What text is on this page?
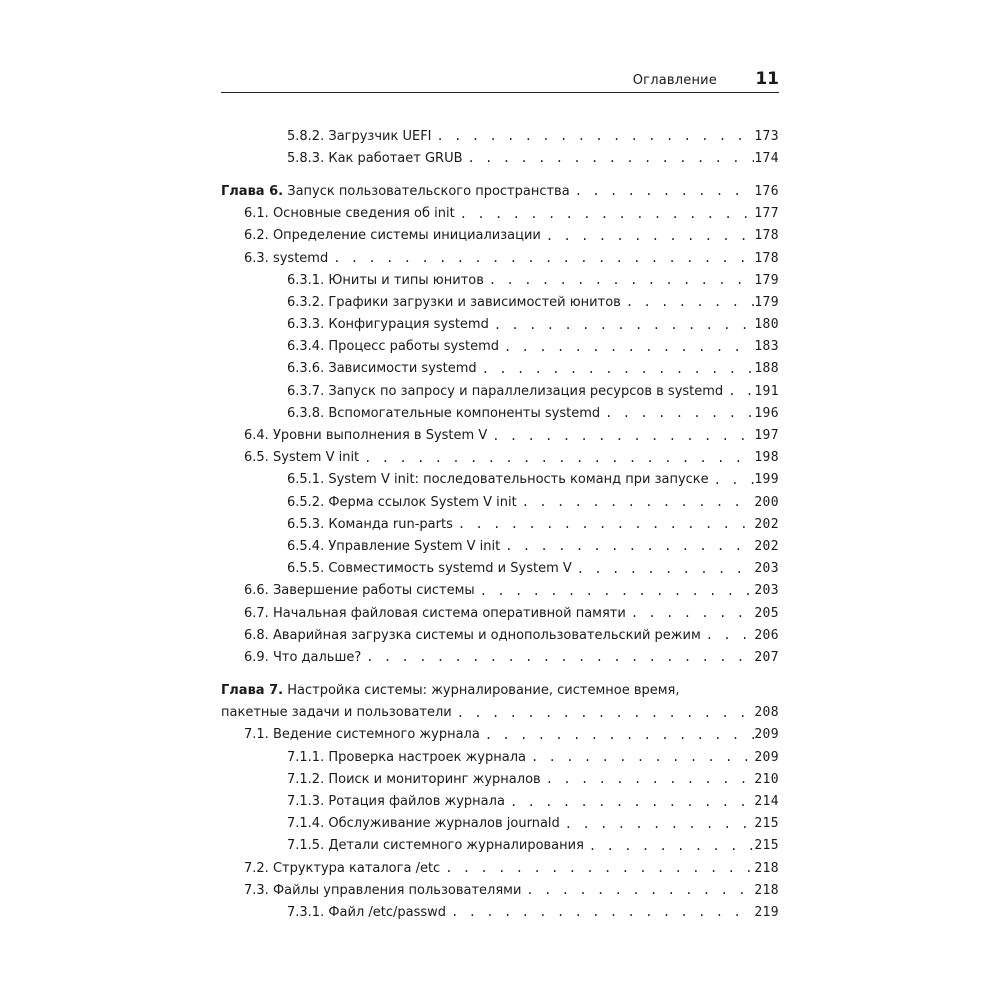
Оглавление 11
5.8.2. Загрузчик UEFI . . .	173
5.8.3. Как работает GRUB . . .	174
Глава 6. Запуск пользовательского пространства . . .	176
6.1. Основные сведения об init . . .	177
6.2. Определение системы инициализации . . .	178
6.3. systemd . . .	178
6.3.1. Юниты и типы юнитов . . .	179
6.3.2. Графики загрузки и зависимостей юнитов . . .	179
6.3.3. Конфигурация systemd . . .	180
6.3.4. Процесс работы systemd . . .	183
6.3.6. Зависимости systemd . . .	188
6.3.7. Запуск по запросу и параллелизация ресурсов в systemd . . . 191
6.3.8. Вспомогательные компоненты systemd . . .	196
6.4. Уровни выполнения в System V . . .	197
6.5. System V init . . .	198
6.5.1. System V init: последовательность команд при запуске . . .	199
6.5.2. Ферма ссылок System V init . . .	200
6.5.3. Команда run-parts . . .	202
6.5.4. Управление System V init . . .	202
6.5.5. Совместимость systemd и System V . . .	203
6.6. Завершение работы системы . . .	203
6.7. Начальная файловая система оперативной памяти . . .	205
6.8. Аварийная загрузка системы и однопользовательский режим . . .	206
6.9. Что дальше? . . .	207
Глава 7.
Настройка системы: журналирование, системное время,
пакетные задачи и пользователи . . .	208
7.1. Ведение системного журнала . . .	209
7.1.1. Проверка настроек журнала . . .	209
7.1.2. Поиск и мониторинг журналов . . .	210
7.1.3. Ротация файлов журнала . . .	214
7.1.4. Обслуживание журналов journald . . .	215
7.1.5. Детали системного журналирования . . .	215
7.2. Структура каталога /etc . . .	218
7.3. Файлы управления пользователями . . .	218
7.3.1. Файл /etc/passwd . . .	219
